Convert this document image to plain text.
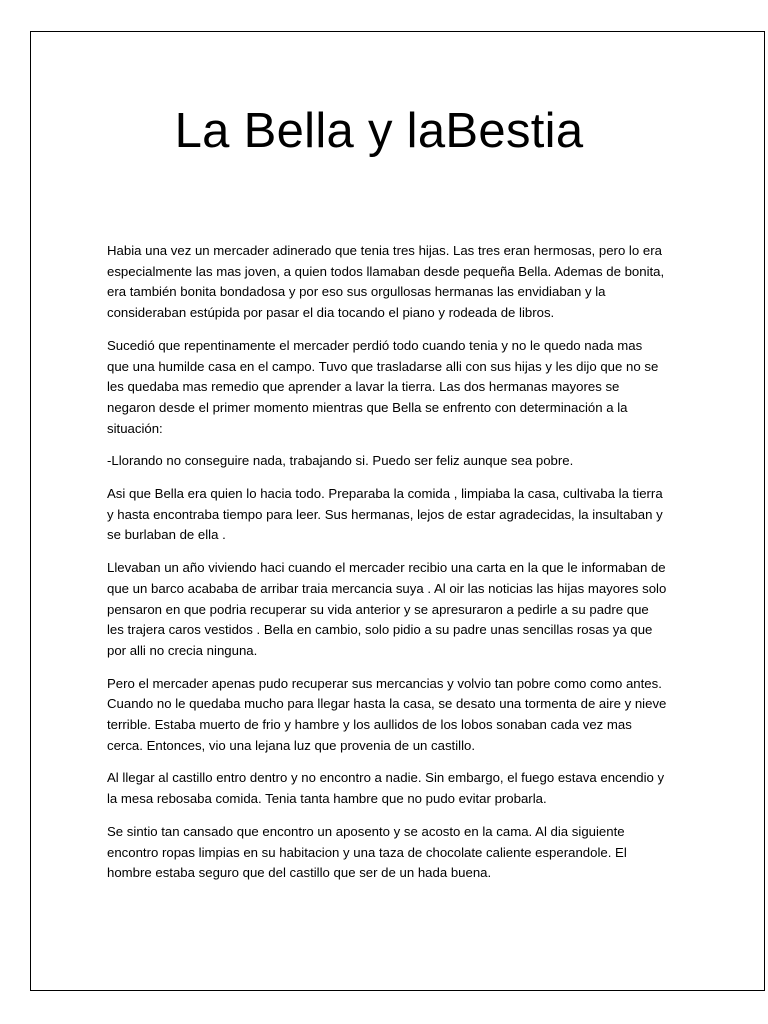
La Bella y laBestia

Habia una vez un mercader adinerado que tenia tres hijas. Las tres eran hermosas, pero lo era especialmente las mas joven, a quien todos llamaban desde pequeña Bella. Ademas de bonita, era también bonita bondadosa y por eso sus orgullosas hermanas las envidiaban y la consideraban estúpida por pasar el dia tocando el piano y rodeada de libros.

Sucedió que repentinamente el mercader perdió todo cuando tenia y no le quedo nada mas que una humilde casa en el campo. Tuvo que trasladarse alli con sus hijas y les dijo que no se les quedaba mas remedio que aprender a lavar la tierra. Las dos hermanas mayores se negaron desde el primer momento mientras que Bella se enfrento con determinación a la situación:

-Llorando no conseguire nada, trabajando si. Puedo ser feliz aunque sea pobre.

Asi que Bella era quien lo hacia todo. Preparaba la comida , limpiaba la casa, cultivaba la tierra y hasta encontraba tiempo para leer. Sus hermanas, lejos de estar agradecidas, la insultaban y se burlaban de ella .

Llevaban un año viviendo haci cuando el mercader recibio una carta en la que le informaban de que un barco acababa de arribar traia mercancia suya . Al oir las noticias las hijas mayores solo pensaron en que podria recuperar su vida anterior y se apresuraron a pedirle a su padre que les trajera caros vestidos . Bella en cambio, solo pidio a su padre unas sencillas rosas ya que por alli no crecia ninguna.

Pero el mercader apenas pudo recuperar sus mercancias y volvio tan pobre como como antes. Cuando no le quedaba mucho para llegar hasta la casa, se desato una tormenta de aire y nieve terrible. Estaba muerto de frio y hambre y los aullidos de los lobos sonaban cada vez mas cerca. Entonces, vio una lejana luz que provenia de un castillo.

Al llegar al castillo entro dentro y no encontro a nadie. Sin embargo, el fuego estava encendio y la mesa rebosaba comida. Tenia tanta hambre que no pudo evitar probarla.

Se sintio tan cansado que encontro un aposento y se acosto en la cama. Al dia siguiente encontro ropas limpias en su habitacion y una taza de chocolate caliente esperandole. El hombre estaba seguro que del castillo que ser de un hada buena.
